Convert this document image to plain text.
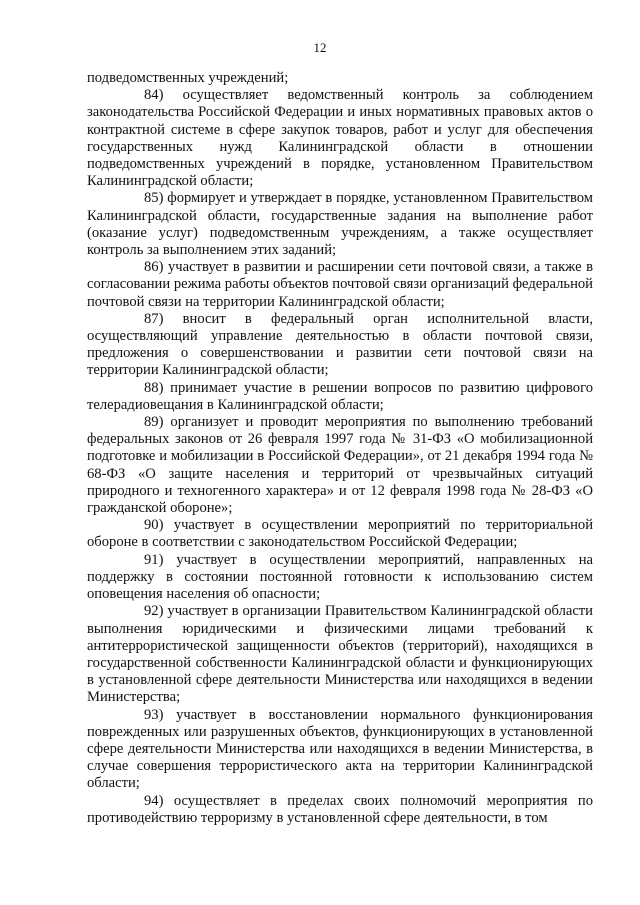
12

подведомственных учреждений;

84) осуществляет ведомственный контроль за соблюдением законодательства Российской Федерации и иных нормативных правовых актов о контрактной системе в сфере закупок товаров, работ и услуг для обеспечения государственных нужд Калининградской области в отношении подведомственных учреждений в порядке, установленном Правительством Калининградской области;

85) формирует и утверждает в порядке, установленном Правительством Калининградской области, государственные задания на выполнение работ (оказание услуг) подведомственным учреждениям, а также осуществляет контроль за выполнением этих заданий;

86) участвует в развитии и расширении сети почтовой связи, а также в согласовании режима работы объектов почтовой связи организаций федеральной почтовой связи на территории Калининградской области;

87) вносит в федеральный орган исполнительной власти, осуществляющий управление деятельностью в области почтовой связи, предложения о совершенствовании и развитии сети почтовой связи на территории Калининградской области;

88) принимает участие в решении вопросов по развитию цифрового телерадиовещания в Калининградской области;

89) организует и проводит мероприятия по выполнению требований федеральных законов от 26 февраля 1997 года № 31-ФЗ «О мобилизационной подготовке и мобилизации в Российской Федерации», от 21 декабря 1994 года № 68-ФЗ «О защите населения и территорий от чрезвычайных ситуаций природного и техногенного характера» и от 12 февраля 1998 года № 28-ФЗ «О гражданской обороне»;

90) участвует в осуществлении мероприятий по территориальной обороне в соответствии с законодательством Российской Федерации;

91) участвует в осуществлении мероприятий, направленных на поддержку в состоянии постоянной готовности к использованию систем оповещения населения об опасности;

92) участвует в организации Правительством Калининградской области выполнения юридическими и физическими лицами требований к антитеррористической защищенности объектов (территорий), находящихся в государственной собственности Калининградской области и функционирующих в установленной сфере деятельности Министерства или находящихся в ведении Министерства;

93) участвует в восстановлении нормального функционирования поврежденных или разрушенных объектов, функционирующих в установленной сфере деятельности Министерства или находящихся в ведении Министерства, в случае совершения террористического акта на территории Калининградской области;

94) осуществляет в пределах своих полномочий мероприятия по противодействию терроризму в установленной сфере деятельности, в том
